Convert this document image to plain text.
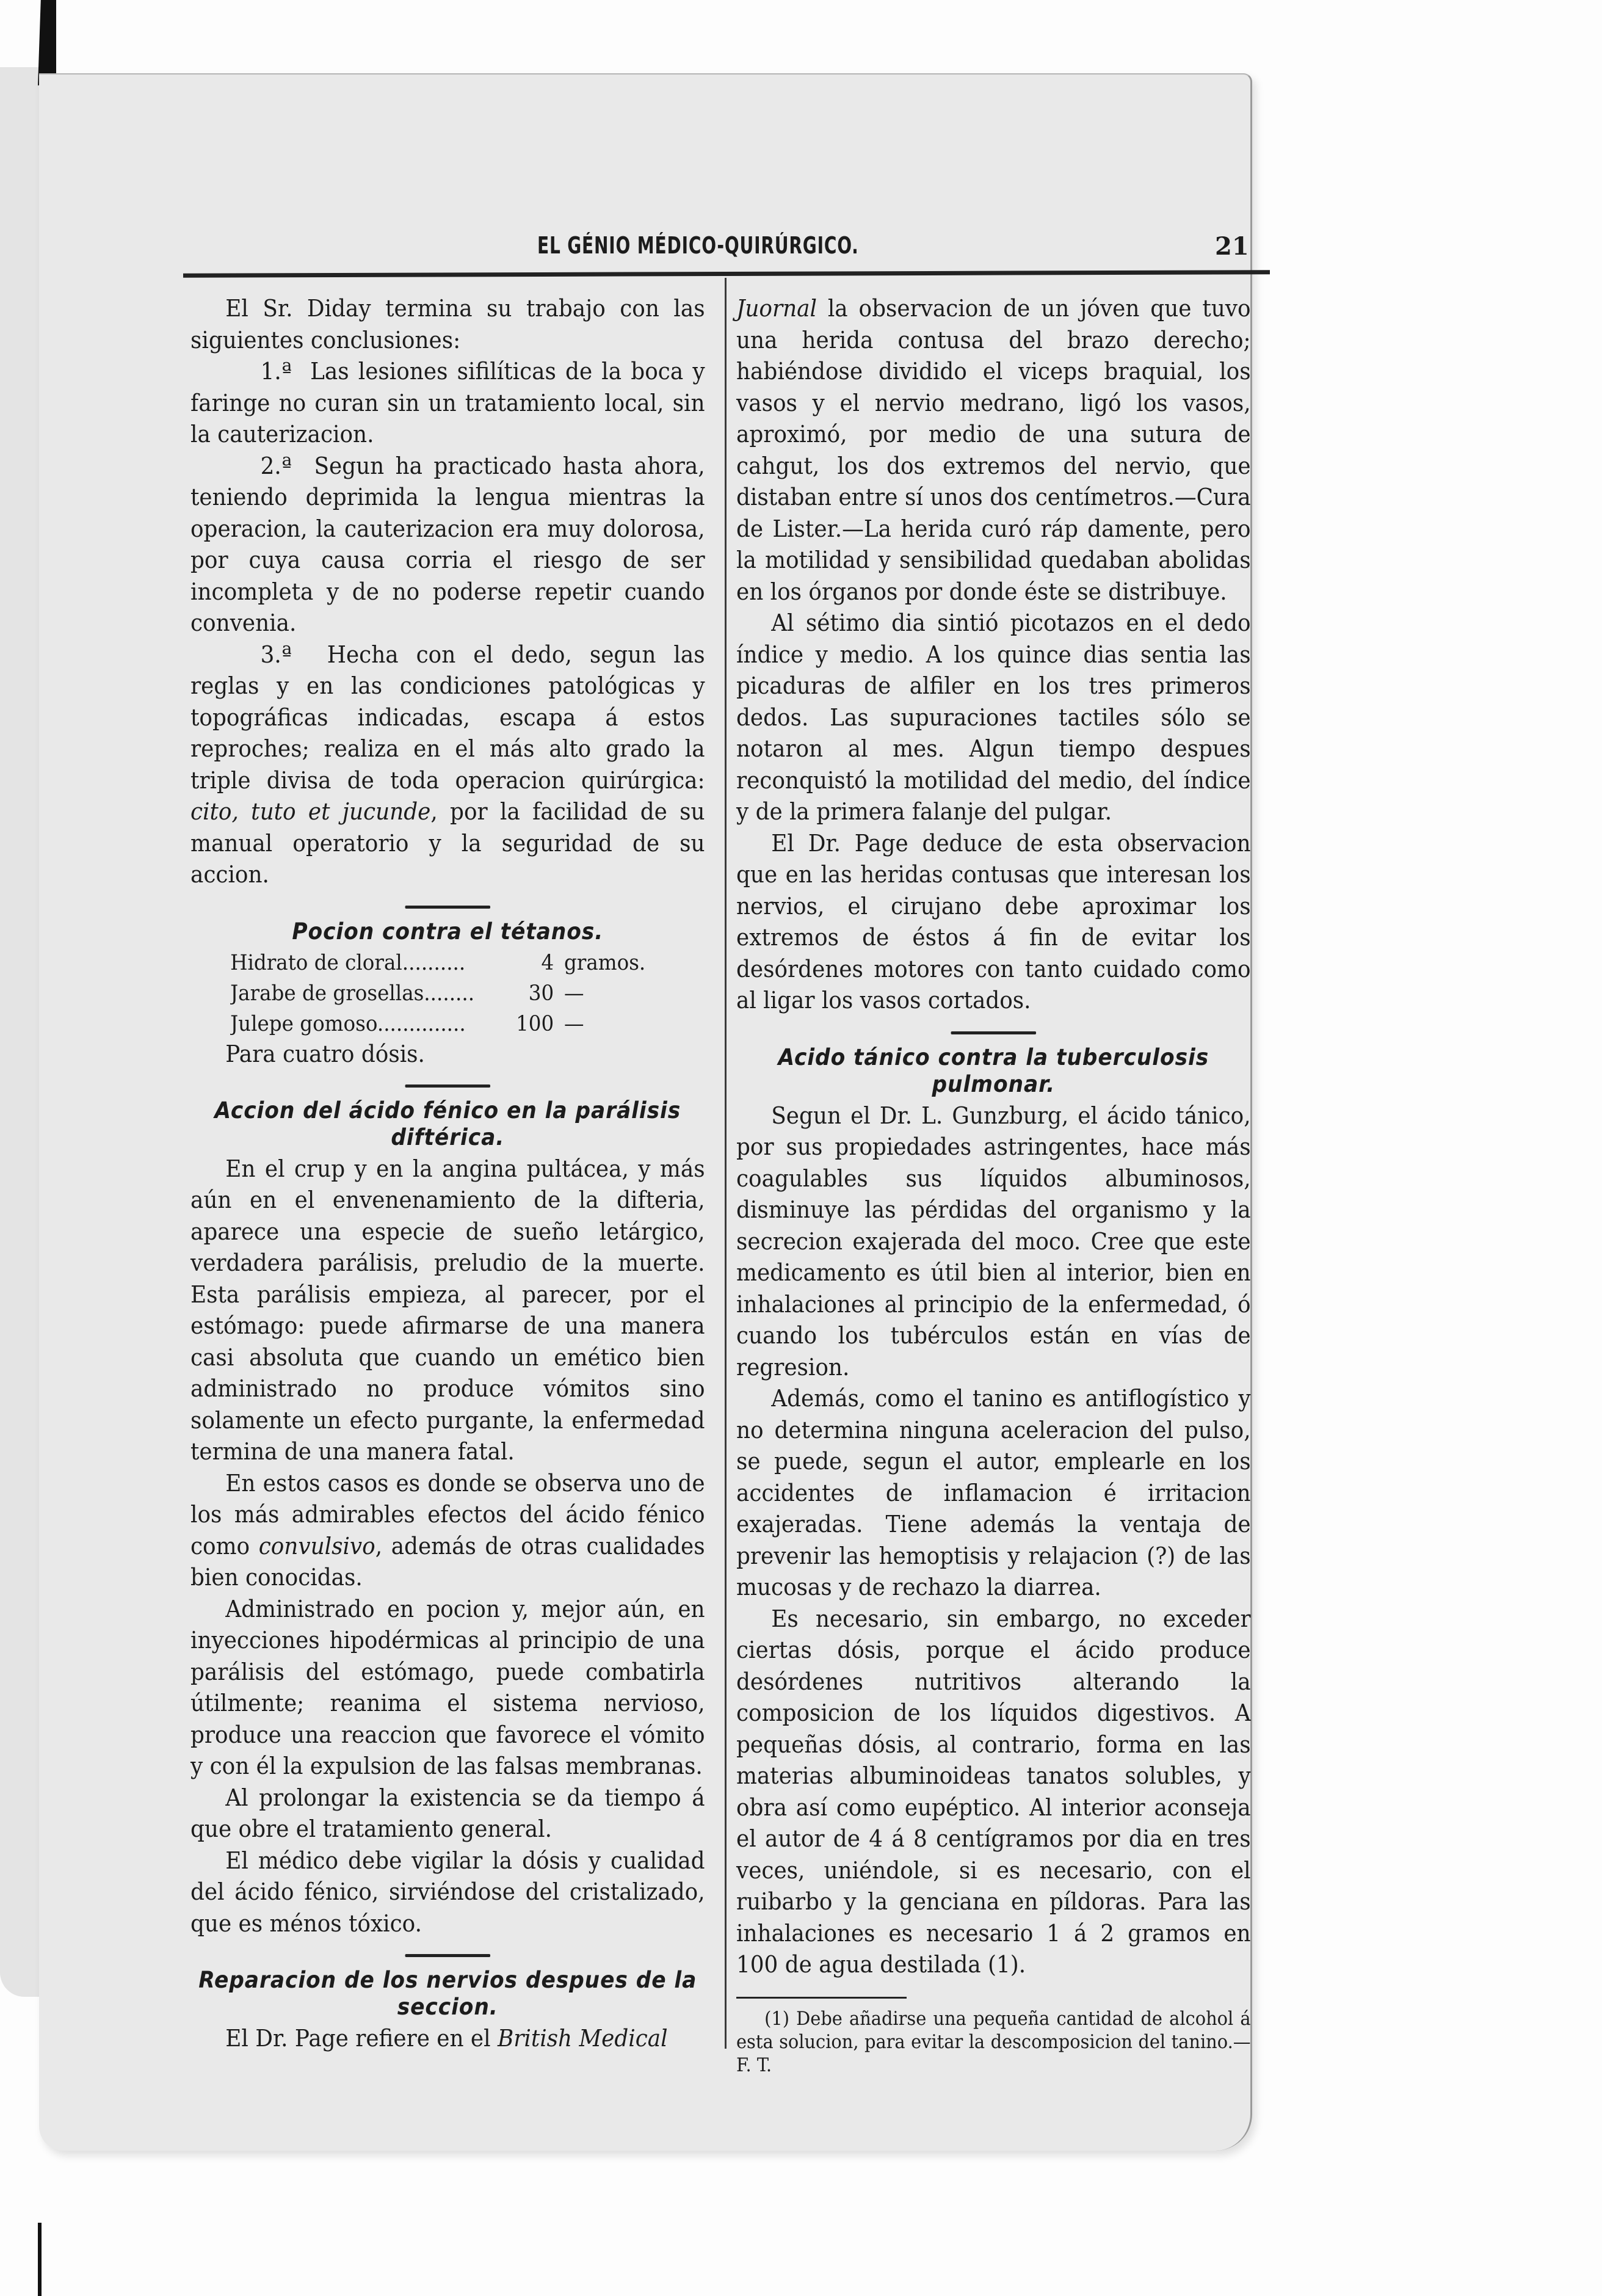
EL GÉNIO MÉDICO-QUIRÚRGICO.	21

El Sr. Diday termina su trabajo con las siguientes conclusiones:

1.ª Las lesiones sifilíticas de la boca y faringe no curan sin un tratamiento local, sin la cauterizacion.

2.ª Segun ha practicado hasta ahora, teniendo deprimida la lengua mientras la operacion, la cauterizacion era muy dolorosa, por cuya causa corria el riesgo de ser incompleta y de no poderse repetir cuando convenia.

3.ª Hecha con el dedo, segun las reglas y en las condiciones patológicas y topográficas indicadas, escapa á estos reproches; realiza en el más alto grado la triple divisa de toda operacion quirúrgica: cito, tuto et jucunde, por la facilidad de su manual operatorio y la seguridad de su accion.

Pocion contra el tétanos.
Hidrato de cloral..........	4 gramos.
Jarabe de grosellas........	30 —
Julepe gomoso..............	100 —
Para cuatro dósis.
Accion del ácido fénico en la parálisis diftérica.

En el crup y en la angina pultácea, y más aún en el envenenamiento de la difteria, aparece una especie de sueño letárgico, verdadera parálisis, preludio de la muerte. Esta parálisis empieza, al parecer, por el estómago: puede afirmarse de una manera casi absoluta que cuando un emético bien administrado no produce vómitos sino solamente un efecto purgante, la enfermedad termina de una manera fatal.

En estos casos es donde se observa uno de los más admirables efectos del ácido fénico como convulsivo, además de otras cualidades bien conocidas.

Administrado en pocion y, mejor aún, en inyecciones hipodérmicas al principio de una parálisis del estómago, puede combatirla útilmente; reanima el sistema nervioso, produce una reaccion que favorece el vómito y con él la expulsion de las falsas membranas.

Al prolongar la existencia se da tiempo á que obre el tratamiento general.

El médico debe vigilar la dósis y cualidad del ácido fénico, sirviéndose del cristalizado, que es ménos tóxico.

Reparacion de los nervios despues de la seccion.

El Dr. Page refiere en el British Medical

Juornal la observacion de un jóven que tuvo una herida contusa del brazo derecho; habiéndose dividido el viceps braquial, los vasos y el nervio medrano, ligó los vasos, aproximó, por medio de una sutura de cahgut, los dos extremos del nervio, que distaban entre sí unos dos centímetros.—Cura de Lister.—La herida curó ráp damente, pero la motilidad y sensibilidad quedaban abolidas en los órganos por donde éste se distribuye.

Al sétimo dia sintió picotazos en el dedo índice y medio. A los quince dias sentia las picaduras de alfiler en los tres primeros dedos. Las supuraciones tactiles sólo se notaron al mes. Algun tiempo despues reconquistó la motilidad del medio, del índice y de la primera falanje del pulgar.

El Dr. Page deduce de esta observacion que en las heridas contusas que interesan los nervios, el cirujano debe aproximar los extremos de éstos á fin de evitar los desórdenes motores con tanto cuidado como al ligar los vasos cortados.

Acido tánico contra la tuberculosis pulmonar.

Segun el Dr. L. Gunzburg, el ácido tánico, por sus propiedades astringentes, hace más coagulables sus líquidos albuminosos, disminuye las pérdidas del organismo y la secrecion exajerada del moco. Cree que este medicamento es útil bien al interior, bien en inhalaciones al principio de la enfermedad, ó cuando los tubérculos están en vías de regresion.

Además, como el tanino es antiflogístico y no determina ninguna aceleracion del pulso, se puede, segun el autor, emplearle en los accidentes de inflamacion é irritacion exajeradas. Tiene además la ventaja de prevenir las hemoptisis y relajacion (?) de las mucosas y de rechazo la diarrea.

Es necesario, sin embargo, no exceder ciertas dósis, porque el ácido produce desórdenes nutritivos alterando la composicion de los líquidos digestivos. A pequeñas dósis, al contrario, forma en las materias albuminoideas tanatos solubles, y obra así como eupéptico. Al interior aconseja el autor de 4 á 8 centígramos por dia en tres veces, uniéndole, si es necesario, con el ruibarbo y la genciana en píldoras. Para las inhalaciones es necesario 1 á 2 gramos en 100 de agua destilada (1).

(1) Debe añadirse una pequeña cantidad de alcohol á esta solucion, para evitar la descomposicion del tanino.—F. T.
